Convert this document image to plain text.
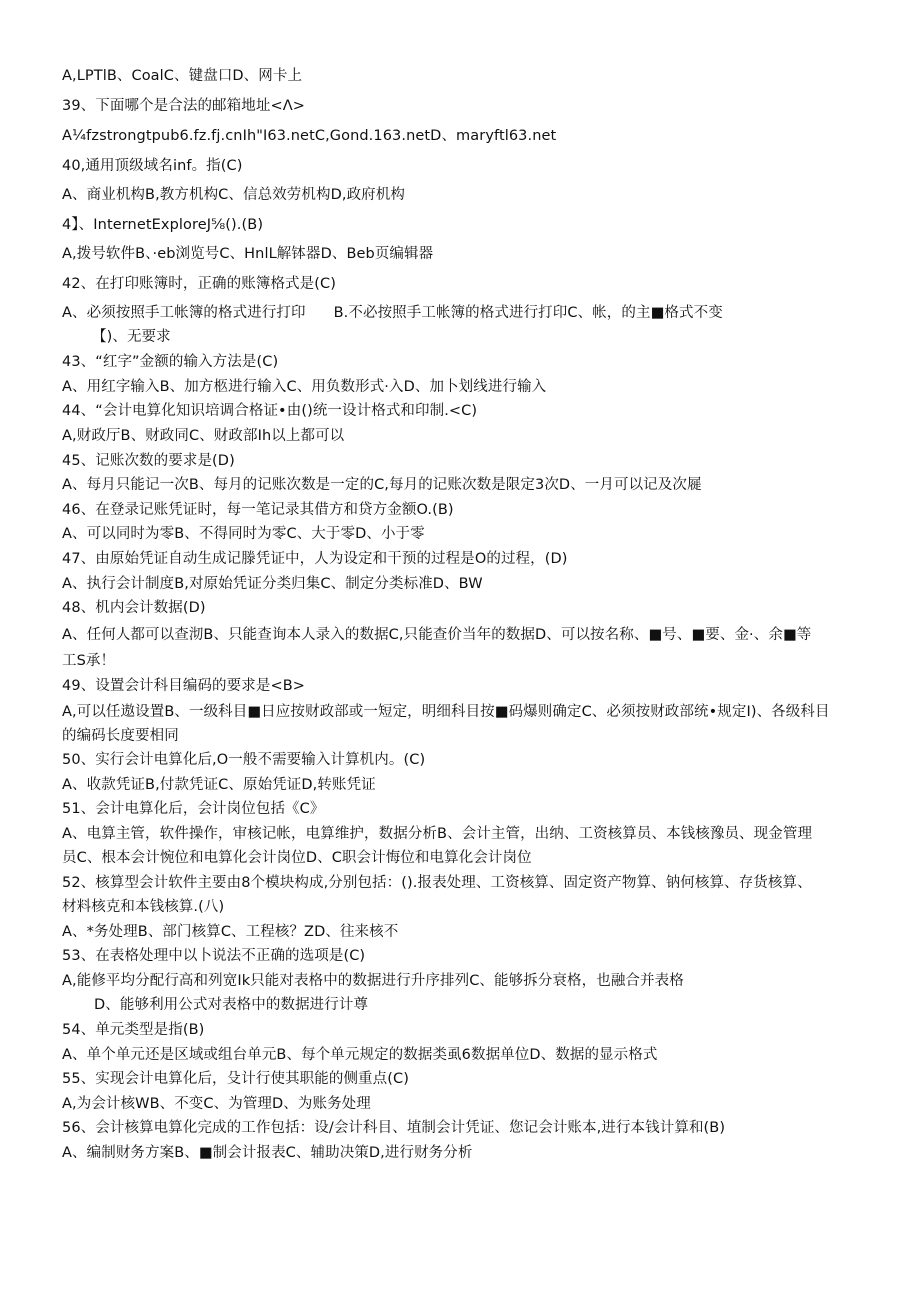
A,LPTlB、CoalC、键盘口D、网卡上
39、下面哪个是合法的邮箱地址<Λ>
A¼fzstrongtpub6.fz.fj.cnIh"I63.netC,Gond.163.netD、maryftl63.net
40,通用顶级域名inf。指(C)
A、商业机构B,教方机构C、信总效劳机构D,政府机构
4】、InternetExploreJ⅝().(B)
A,拨号软件B、·eb浏览号C、HnlL解钵器D、Beb页编辑器
42、在打印账簿时，正确的账簿格式是(C)
A、必须按照手工帐簿的格式进行打印 B.不必按照手工帐簿的格式进行打印C、帐，的主■格式不变
【)、无要求
43、“红字”金额的输入方法是(C)
A、用红字输入B、加方柩进行输入C、用负数形式·入D、加卜划线进行输入
44、“会计电算化知识培调合格证•由()统一设计格式和印制.<C)
A,财政厅B、财政同C、财政部Ih以上都可以
45、记账次数的要求是(D)
A、每月只能记一次B、每月的记账次数是一定的C,每月的记账次数是限定3次D、一月可以记及次屣
46、在登录记账凭证时，每一笔记录其借方和贷方金额O.(B)
A、可以同时为零B、不得同时为零C、大于零D、小于零
47、由原始凭证自动生成记滕凭证中，人为设定和干预的过程是O的过程，(D)
A、执行会计制度B,对原始凭证分类归集C、制定分类标准D、BW
48、机内会计数据(D)
A、任何人都可以查沏B、只能查询本人录入的数据C,只能查价当年的数据D、可以按名称、■号、■要、金·、余■等
工S承！
49、设置会计科目编码的要求是<B>
A,可以任遨设置B、一级科目■日应按财政部或一短定，明细科目按■码爆则确定C、必须按财政部统•规定I)、各级科目
的编码长度要相同
50、实行会计电算化后,O一般不需要输入计算机内。(C)
A、收款凭证B,付款凭证C、原始凭证D,转账凭证
51、会计电算化后，会计岗位包括《C》
A、电算主管，软件操作，审核记帐，电算维护，数据分析B、会计主管，出纳、工资核算员、本钱核豫员、现金管理
员C、根本会计惋位和电算化会计岗位D、C职会计悔位和电算化会计岗位
52、核算型会计软件主要由8个模块构成,分别包括：().报表处理、工资核算、固定资产物算、钠何核算、存货核算、
材料核克和本钱核算.(八)
A、*务处理B、部门核算C、工程核？ZD、往来核不
53、在表格处理中以卜说法不正确的选项是(C)
A,能修平均分配行高和列宽Ik只能对表格中的数据进行升序排列C、能够拆分衰格，也融合并表格
D、能够利用公式对表格中的数据进行计尊
54、单元类型是指(B)
A、单个单元还是区域或组台单元B、每个单元规定的数据类虱6数据单位D、数据的显示格式
55、实现会计电算化后，殳计行使其职能的侧重点(C)
A,为会计核WB、不变C、为管理D、为账务处理
56、会计核算电算化完成的工作包括：设/会计科目、埴制会计凭证、您记会计账本,进行本钱计算和(B)
A、编制财务方案B、■制会计报表C、辅助决策D,进行财务分析
